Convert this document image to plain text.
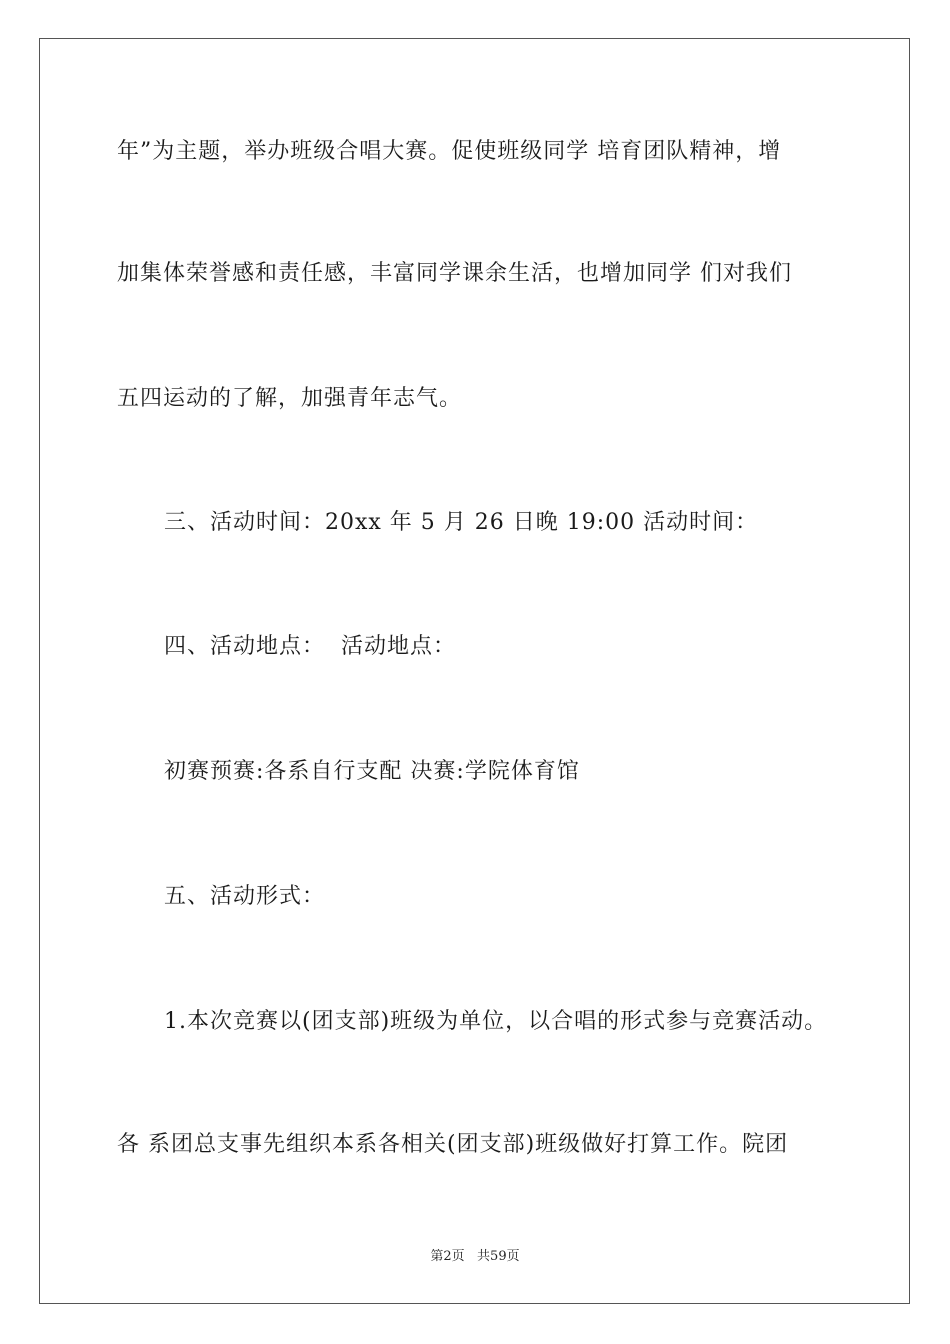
年”为主题，举办班级合唱大赛。促使班级同学 培育团队精神，增
加集体荣誉感和责任感，丰富同学课余生活，也增加同学 们对我们
五四运动的了解，加强青年志气。
三、活动时间：20xx 年 5 月 26 日晚 19:00 活动时间：
四、活动地点：  活动地点：
初赛预赛:各系自行支配 决赛:学院体育馆
五、活动形式：
1.本次竞赛以(团支部)班级为单位，以合唱的形式参与竞赛活动。
各 系团总支事先组织本系各相关(团支部)班级做好打算工作。院团
第2页   共59页
